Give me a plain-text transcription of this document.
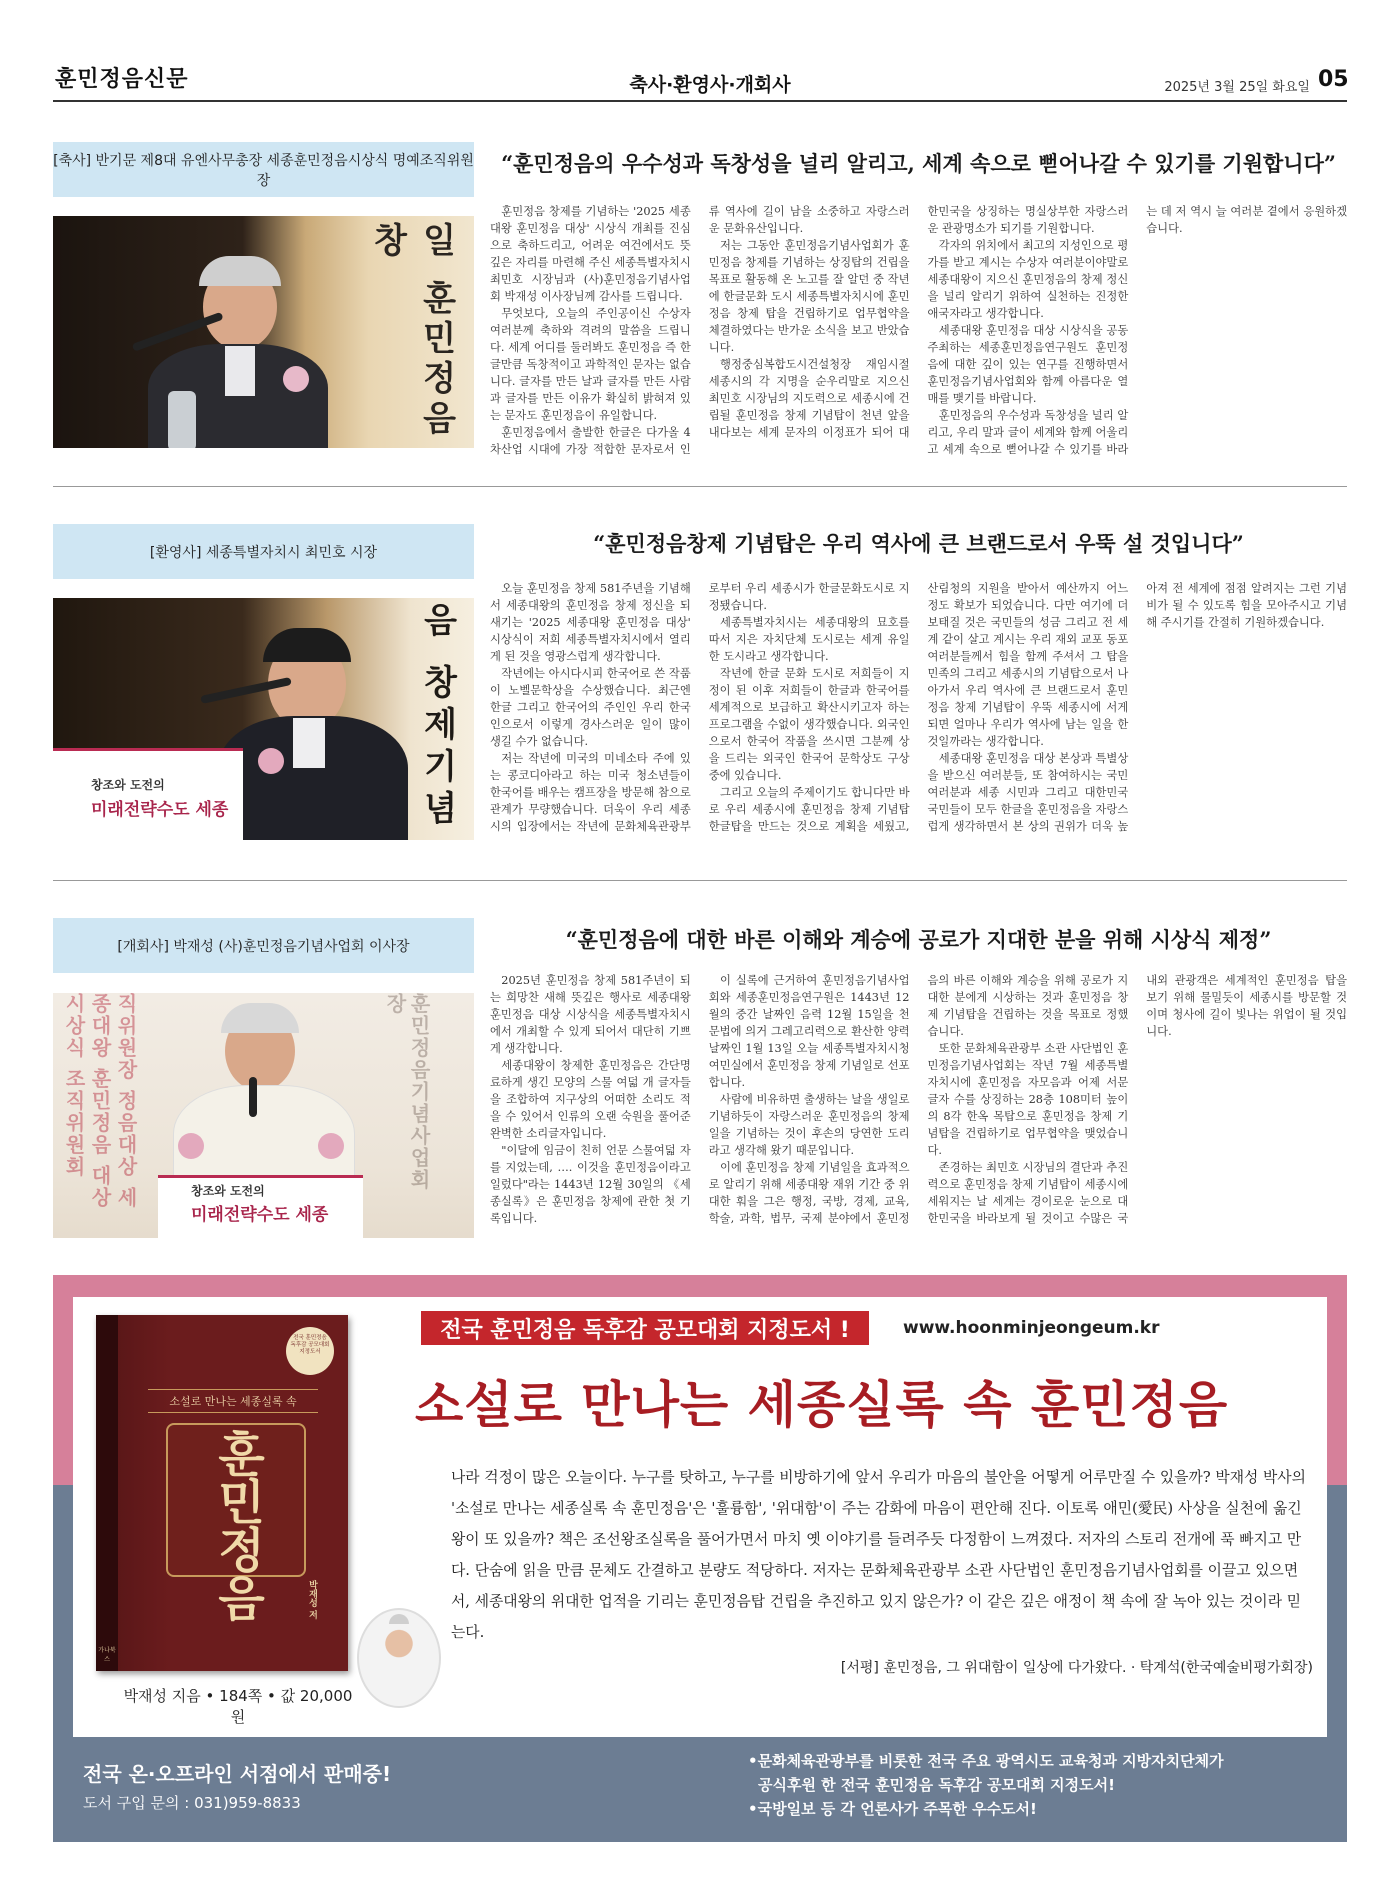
훈민정음신문	축사·환영사·개회사	2025년 3월 25일 화요일 05
[축사] 반기문 제8대 유엔사무총장 세종훈민정음시상식 명예조직위원장
“훈민정음의 우수성과 독창성을 널리 알리고, 세계 속으로 뻗어나갈 수 있기를 기원합니다”
일 훈민정음 창

훈민정음 창제를 기념하는 '2025 세종대왕 훈민정음 대상' 시상식 개최를 진심으로 축하드리고, 어려운 여건에서도 뜻깊은 자리를 마련해 주신 세종특별자치시 최민호 시장님과 (사)훈민정음기념사업회 박재성 이사장님께 감사를 드립니다.

무엇보다, 오늘의 주인공이신 수상자 여러분께 축하와 격려의 말씀을 드립니다. 세계 어디를 둘러봐도 훈민정음 즉 한글만큼 독창적이고 과학적인 문자는 없습니다. 글자를 만든 날과 글자를 만든 사람과 글자를 만든 이유가 확실히 밝혀져 있는 문자도 훈민정음이 유일합니다.

훈민정음에서 출발한 한글은 다가올 4차산업 시대에 가장 적합한 문자로서 인류 역사에 길이 남을 소중하고 자랑스러운 문화유산입니다.

저는 그동안 훈민정음기념사업회가 훈민정음 창제를 기념하는 상징탑의 건립을 목표로 활동해 온 노고를 잘 알던 중 작년에 한글문화 도시 세종특별자치시에 훈민정음 창제 탑을 건립하기로 업무협약을 체결하였다는 반가운 소식을 보고 반았습니다.

행정중심복합도시건설청장 재임시절 세종시의 각 지명을 순우리말로 지으신 최민호 시장님의 지도력으로 세종시에 건립될 훈민정음 창제 기념탑이 천년 앞을 내다보는 세계 문자의 이정표가 되어 대한민국을 상징하는 명실상부한 자랑스러운 관광명소가 되기를 기원합니다.

각자의 위치에서 최고의 지성인으로 평가를 받고 계시는 수상자 여러분이야말로 세종대왕이 지으신 훈민정음의 창제 정신을 널리 알리기 위하여 실천하는 진정한 애국자라고 생각합니다.

세종대왕 훈민정음 대상 시상식을 공동 주최하는 세종훈민정음연구원도 훈민정음에 대한 깊이 있는 연구를 진행하면서 훈민정음기념사업회와 함께 아름다운 열매를 맺기를 바랍니다.

훈민정음의 우수성과 독창성을 널리 알리고, 우리 말과 글이 세계와 함께 어울리고 세계 속으로 뻗어나갈 수 있기를 바라는 데 저 역시 늘 여러분 곁에서 응원하겠습니다.

[환영사] 세종특별자치시 최민호 시장	“훈민정음창제 기념탑은 우리 역사에 큰 브랜드로서 우뚝 설 것입니다”
창조와 도전의
미래전략수도 세종	음 창제기념

오늘 훈민정음 창제 581주년을 기념해서 세종대왕의 훈민정음 창제 정신을 되새기는 '2025 세종대왕 훈민정음 대상' 시상식이 저희 세종특별자치시에서 열리게 된 것을 영광스럽게 생각합니다.

작년에는 아시다시피 한국어로 쓴 작품이 노벨문학상을 수상했습니다. 최근엔 한글 그리고 한국어의 주인인 우리 한국인으로서 이렇게 경사스러운 일이 많이 생길 수가 없습니다.

저는 작년에 미국의 미네소타 주에 있는 콩코디아라고 하는 미국 청소년들이 한국어를 배우는 캠프장을 방문해 참으로 관계가 무량했습니다. 더욱이 우리 세종 시의 입장에서는 작년에 문화체육관광부로부터 우리 세종시가 한글문화도시로 지정됐습니다.

세종특별자치시는 세종대왕의 묘호를 따서 지은 자치단체 도시로는 세계 유일한 도시라고 생각합니다.

작년에 한글 문화 도시로 저희들이 지정이 된 이후 저희들이 한글과 한국어를 세계적으로 보급하고 확산시키고자 하는 프로그램을 수없이 생각했습니다. 외국인으로서 한국어 작품을 쓰시면 그분께 상을 드리는 외국인 한국어 문학상도 구상중에 있습니다.

그리고 오늘의 주제이기도 합니다만 바로 우리 세종시에 훈민정음 창제 기념탑 한글탑을 만드는 것으로 계획을 세웠고, 산림청의 지원을 받아서 예산까지 어느 정도 확보가 되었습니다. 다만 여기에 더 보태질 것은 국민들의 성금 그리고 전 세계 같이 살고 계시는 우리 재외 교포 동포 여러분들께서 힘을 함께 주셔서 그 탑을 민족의 그리고 세종시의 기념탑으로서 나아가서 우리 역사에 큰 브랜드로서 훈민정음 창제 기념탑이 우뚝 세종시에 서게 되면 얼마나 우리가 역사에 남는 일을 한 것일까라는 생각합니다.

세종대왕 훈민정음 대상 본상과 특별상을 받으신 여러분들, 또 참여하시는 국민 여러분과 세종 시민과 그리고 대한민국 국민들이 모두 한글을 훈민정음을 자랑스럽게 생각하면서 본 상의 권위가 더욱 높아져 전 세계에 점점 알려지는 그런 기념비가 될 수 있도록 힘을 모아주시고 기념해 주시기를 간절히 기원하겠습니다.

[개회사] 박재성 (사)훈민정음기념사업회 이사장	“훈민정음에 대한 바른 이해와 계승에 공로가 지대한 분을 위해 시상식 제정”
직위원장 정음대상 세종대왕 훈민정음 대상시상식 조직위원회	훈민정음기념사업회장
창조와 도전의
미래전략수도 세종

2025년 훈민정음 창제 581주년이 되는 희망찬 새해 뜻깊은 행사로 세종대왕 훈민정음 대상 시상식을 세종특별자치시에서 개최할 수 있게 되어서 대단히 기쁘게 생각합니다.

세종대왕이 창제한 훈민정음은 간단명료하게 생긴 모양의 스물 여덟 개 글자들을 조합하여 지구상의 어떠한 소리도 적을 수 있어서 인류의 오랜 숙원을 풀어준 완벽한 소리글자입니다.

"이달에 임금이 친히 언문 스물여덟 자를 지었는데, …. 이것을 훈민정음이라고 일렀다"라는 1443년 12월 30일의 《세종실록》은 훈민정음 창제에 관한 첫 기록입니다.

이 실록에 근거하여 훈민정음기념사업회와 세종훈민정음연구원은 1443년 12월의 중간 날짜인 음력 12월 15일을 천문법에 의거 그레고리력으로 환산한 양력 날짜인 1월 13일 오늘 세종특별자치시청 여민실에서 훈민정음 창제 기념일로 선포합니다.

사람에 비유하면 출생하는 날을 생일로 기념하듯이 자랑스러운 훈민정음의 창제일을 기념하는 것이 후손의 당연한 도리라고 생각해 왔기 때문입니다.

이에 훈민정음 창제 기념일을 효과적으로 알리기 위해 세종대왕 재위 기간 중 위대한 훠을 그은 행정, 국방, 경제, 교육, 학술, 과학, 법무, 국제 분야에서 훈민정음의 바른 이해와 계승을 위해 공로가 지대한 분에게 시상하는 것과 훈민정음 창제 기념탑을 건립하는 것을 목표로 정했습니다.

또한 문화체육관광부 소관 사단법인 훈민정음기념사업회는 작년 7월 세종특별자치시에 훈민정음 자모음과 어제 서문 글자 수를 상징하는 28층 108미터 높이의 8각 한옥 목탑으로 훈민정음 창제 기념탑을 건립하기로 업무협약을 맺었습니다.

존경하는 최민호 시장님의 결단과 추진력으로 훈민정음 창제 기념탑이 세종시에 세워지는 날 세계는 경이로운 눈으로 대한민국을 바라보게 될 것이고 수많은 국내외 관광객은 세계적인 훈민정음 탑을 보기 위해 물밀듯이 세종시를 방문할 것이며 청사에 길이 빛나는 위업이 될 것입니다.

전국 훈민정음 독후감 공모대회 지정도서
소설로 만나는 세종실록 속
훈민정음	박재성 저
가나북스
전국 훈민정음 독후감 공모대회 지정도서 !	www.hoonminjeongeum.kr
소설로 만나는 세종실록 속 훈민정음
나라 걱정이 많은 오늘이다. 누구를 탓하고, 누구를 비방하기에 앞서 우리가 마음의 불안을 어떻게 어루만질 수 있을까? 박재성 박사의 '소설로 만나는 세종실록 속 훈민정음'은 '훌륭함', '위대함'이 주는 감화에 마음이 편안해 진다. 이토록 애민(愛民) 사상을 실천에 옮긴 왕이 또 있을까? 책은 조선왕조실록을 풀어가면서 마치 옛 이야기를 들려주듯 다정함이 느껴졌다. 저자의 스토리 전개에 푹 빠지고 만다. 단숨에 읽을 만큼 문체도 간결하고 분량도 적당하다. 저자는 문화체육관광부 소관 사단법인 훈민정음기념사업회를 이끌고 있으면서, 세종대왕의 위대한 업적을 기리는 훈민정음탑 건립을 추진하고 있지 않은가? 이 같은 깊은 애정이 책 속에 잘 녹아 있는 것이라 믿는다.
[서평] 훈민정음, 그 위대함이 일상에 다가왔다. · 탁계석(한국예술비평가회장)
박재성 지음 • 184쪽 • 값 20,000원
전국 온·오프라인 서점에서 판매중!
도서 구입 문의 : 031)959-8833
•문화체육관광부를 비롯한 전국 주요 광역시도 교육청과 지방자치단체가
공식후원 한 전국 훈민정음 독후감 공모대회 지정도서!
•국방일보 등 각 언론사가 주목한 우수도서!
